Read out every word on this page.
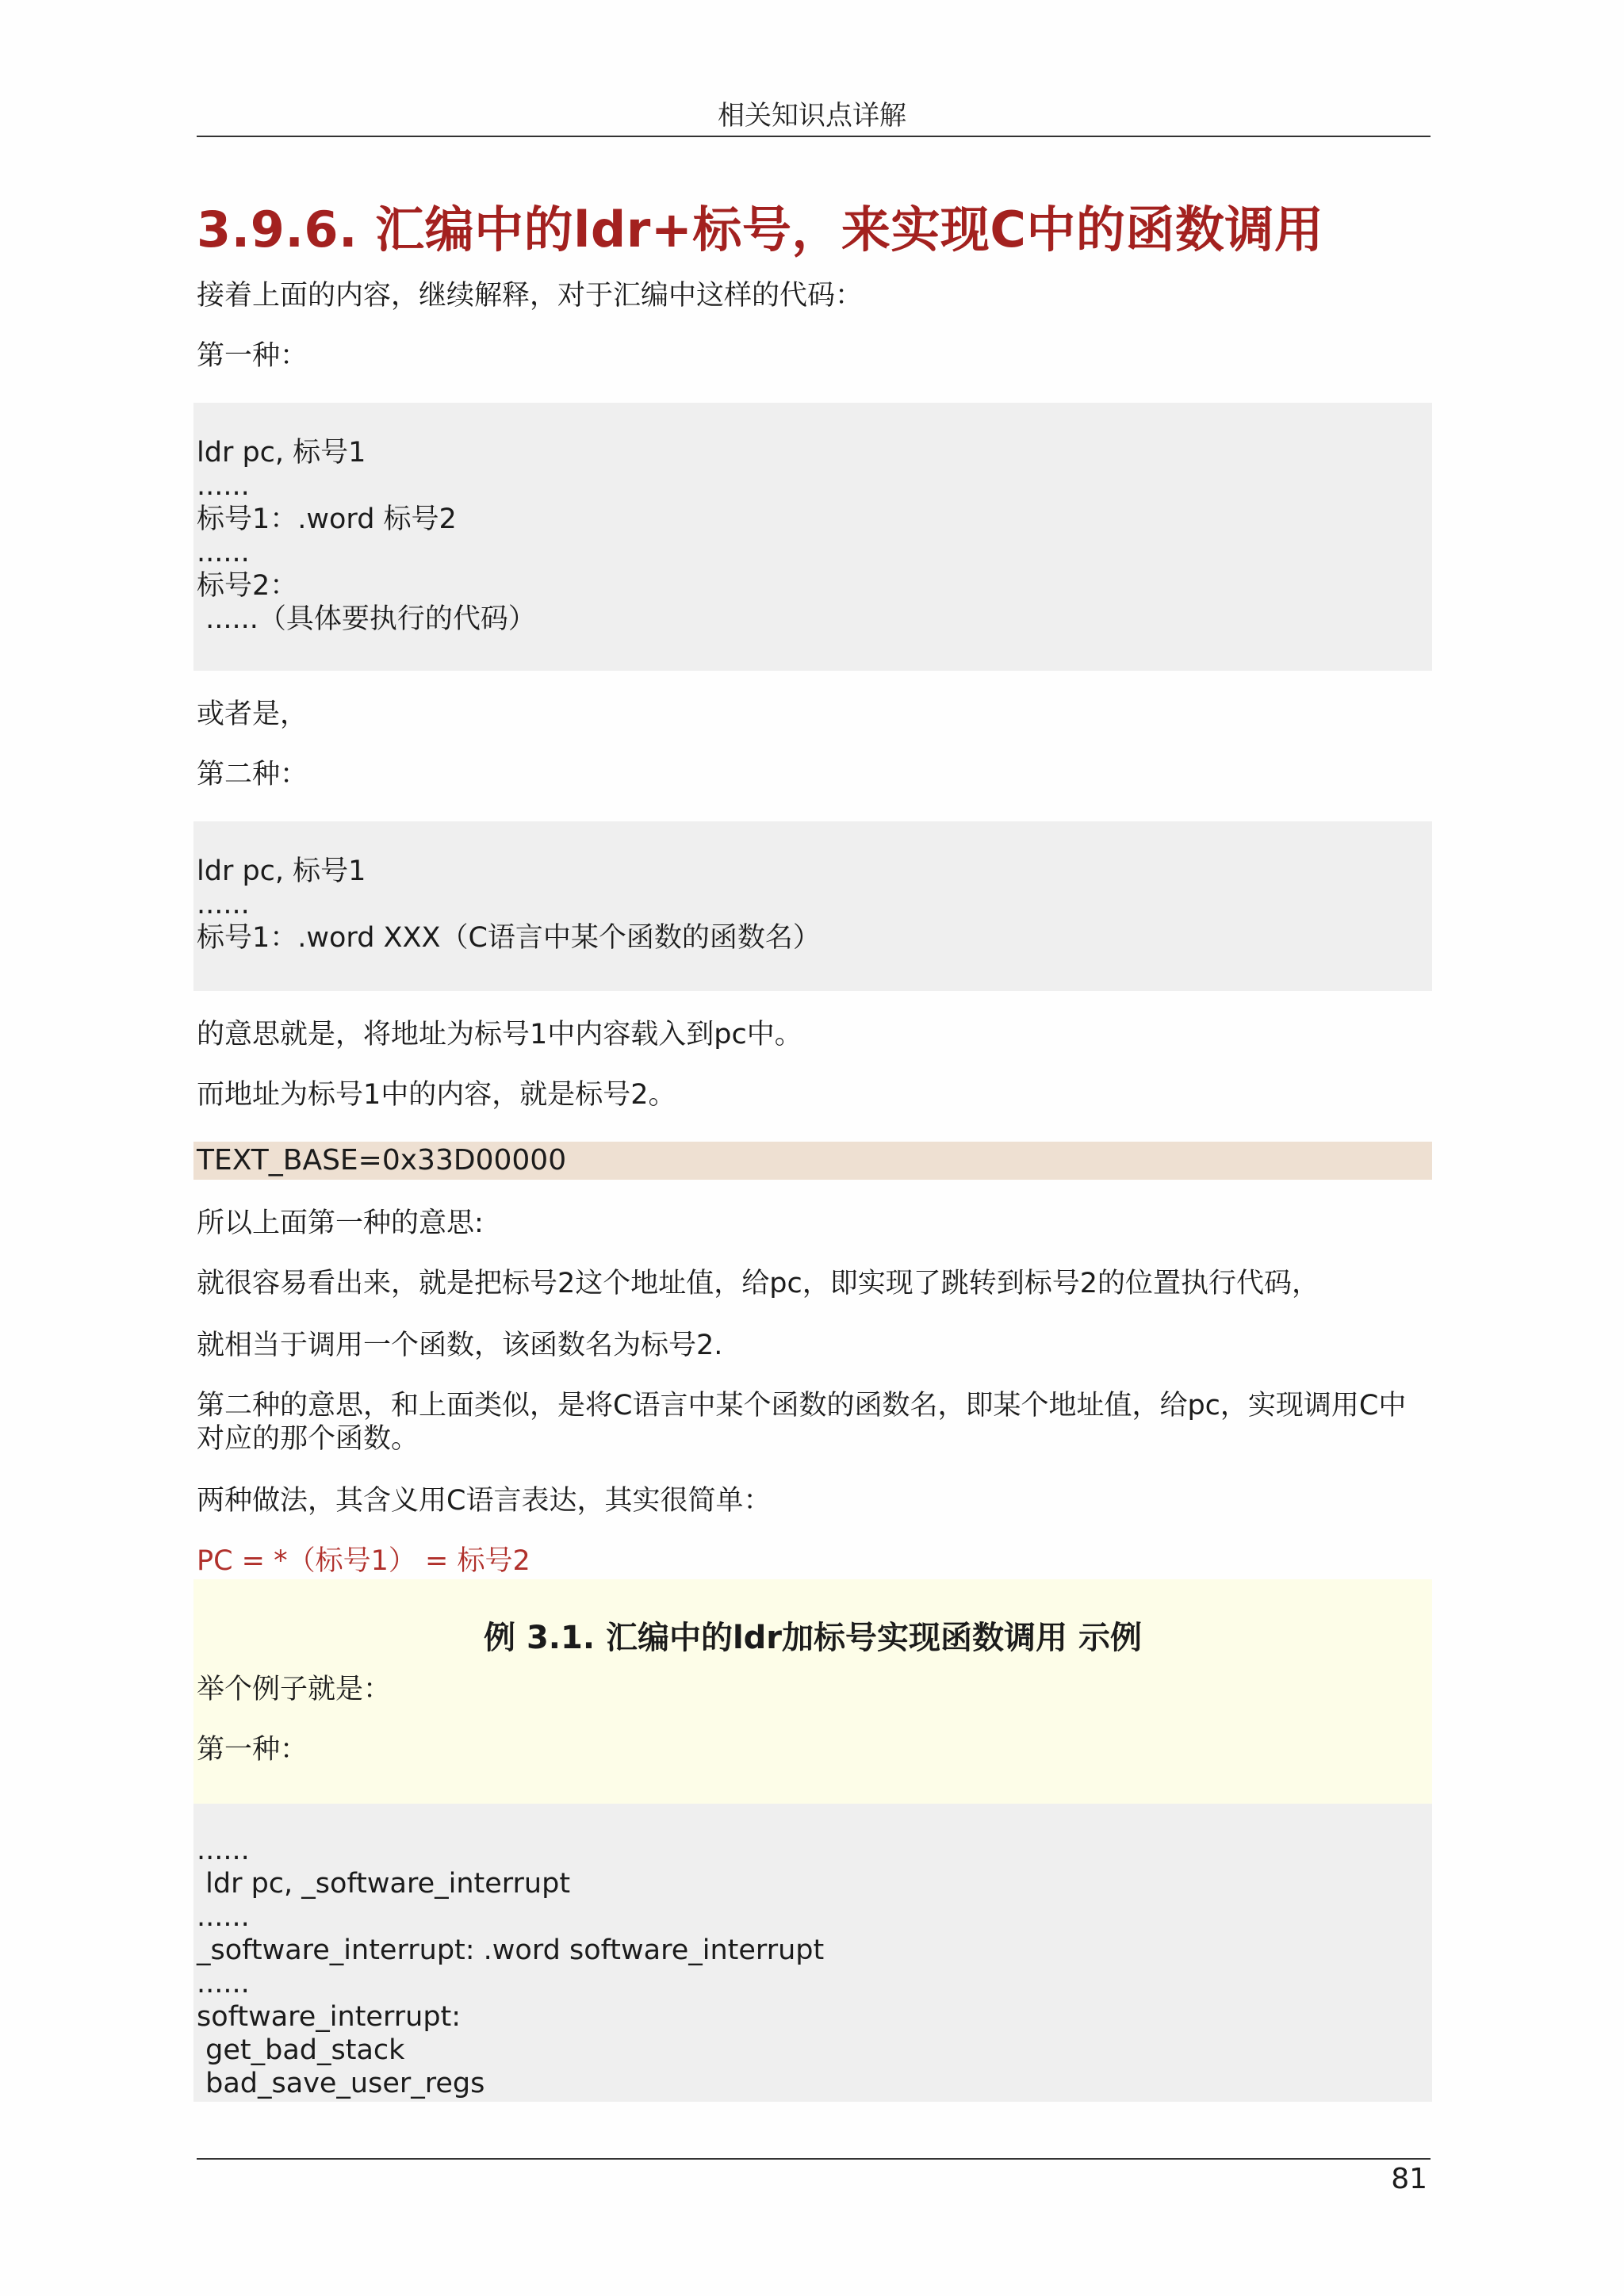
相关知识点详解
3.9.6. 汇编中的ldr+标号，来实现C中的函数调用
接着上面的内容，继续解释，对于汇编中这样的代码：
第一种：
ldr pc, 标号1
......
标号1：.word 标号2
......
标号2：
......（具体要执行的代码）
或者是，
第二种：
ldr pc, 标号1
......
标号1：.word XXX（C语言中某个函数的函数名）
的意思就是，将地址为标号1中内容载入到pc中。
而地址为标号1中的内容，就是标号2。
TEXT_BASE=0x33D00000
所以上面第一种的意思:
就很容易看出来，就是把标号2这个地址值，给pc，即实现了跳转到标号2的位置执行代码，
就相当于调用一个函数，该函数名为标号2.
第二种的意思，和上面类似，是将C语言中某个函数的函数名，即某个地址值，给pc，实现调用C中对应的那个函数。
两种做法，其含义用C语言表达，其实很简单：
PC = *（标号1） = 标号2
例 3.1. 汇编中的ldr加标号实现函数调用 示例
举个例子就是：
第一种：
......
ldr pc, _software_interrupt
......
_software_interrupt: .word software_interrupt
......
software_interrupt:
get_bad_stack
bad_save_user_regs
81
